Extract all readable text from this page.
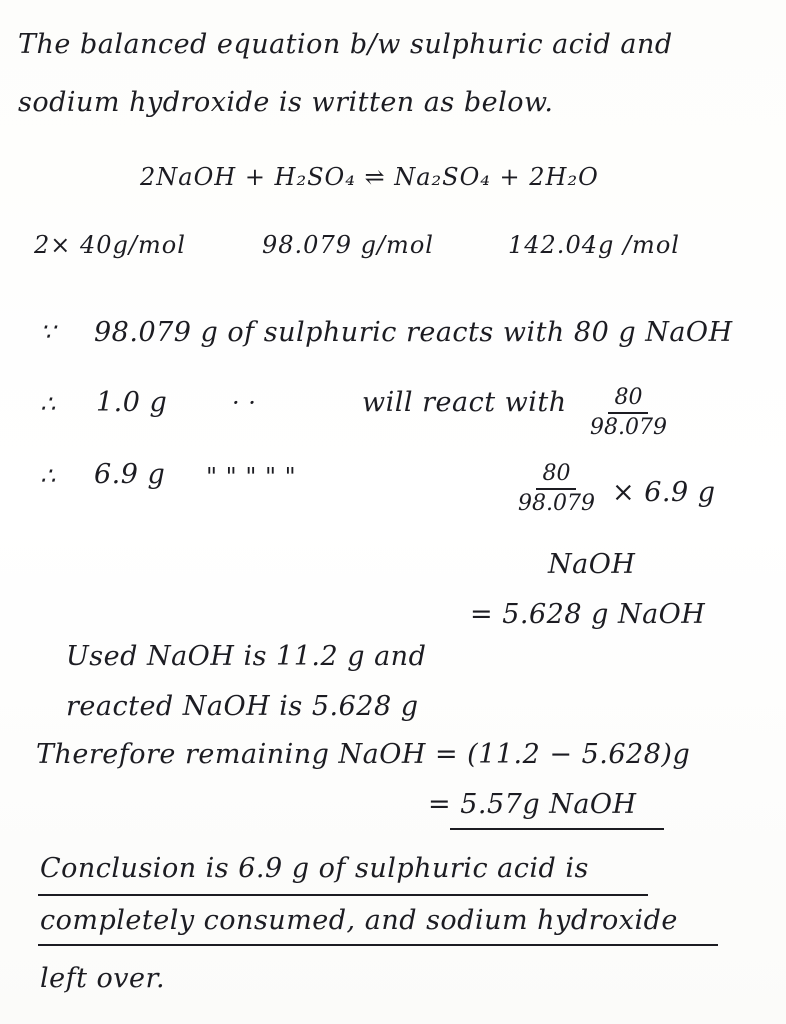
The balanced equation b/w sulphuric acid and
sodium hydroxide is written as below.
2NaOH + H₂SO₄ ⇌ Na₂SO₄ + 2H₂O
2× 40g/mol	98.079 g/mol	142.04g /mol
∵ 98.079 g of sulphuric reacts with 80 g NaOH
∴ 1.0 g	· ·	will react with $\frac{80}{98.079}$
∴ 6.9 g " " " " "	$\frac{80}{98.079} \times 6.9$ g
NaOH
= 5.628 g NaOH
Used NaOH is 11.2 g and
reacted NaOH is 5.628 g
Therefore remaining NaOH = (11.2 − 5.628)g
= 5.57g NaOH
Conclusion is 6.9 g of sulphuric acid is
completely consumed, and sodium hydroxide
left over.
